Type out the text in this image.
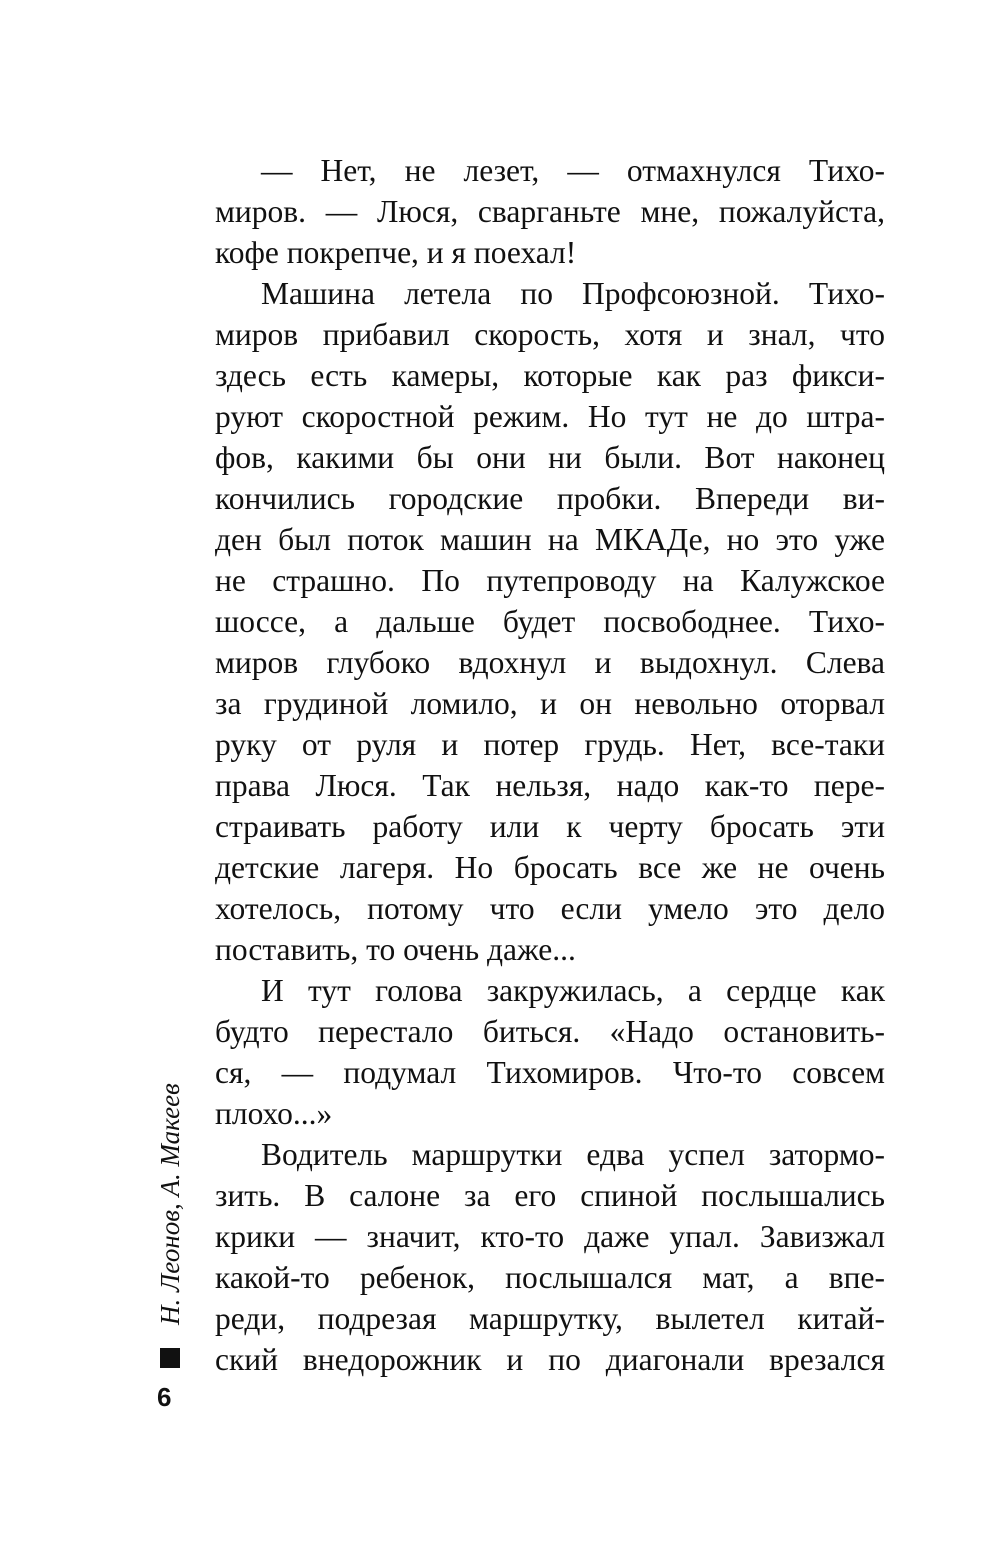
— Нет, не лезет, — отмахнулся Тихо-
миров. — Люся, сварганьте мне, пожалуйста,
кофе покрепче, и я поехал!
Машина летела по Профсоюзной. Тихо-
миров прибавил скорость, хотя и знал, что
здесь есть камеры, которые как раз фикси-
руют скоростной режим. Но тут не до штра-
фов, какими бы они ни были. Вот наконец
кончились городские пробки. Впереди ви-
ден был поток машин на МКАДе, но это уже
не страшно. По путепроводу на Калужское
шоссе, а дальше будет посвободнее. Тихо-
миров глубоко вдохнул и выдохнул. Слева
за грудиной ломило, и он невольно оторвал
руку от руля и потер грудь. Нет, все-таки
права Люся. Так нельзя, надо как-то пере-
страивать работу или к черту бросать эти
детские лагеря. Но бросать все же не очень
хотелось, потому что если умело это дело
поставить, то очень даже...
И тут голова закружилась, а сердце как
будто перестало биться. «Надо остановить-
ся, — подумал Тихомиров. Что-то совсем
плохо...»
Водитель маршрутки едва успел затормо-
зить. В салоне за его спиной послышались
крики — значит, кто-то даже упал. Завизжал
какой-то ребенок, послышался мат, а впе-
реди, подрезая маршрутку, вылетел китай-
ский внедорожник и по диагонали врезался
Н. Леонов, А. Макеев
6
